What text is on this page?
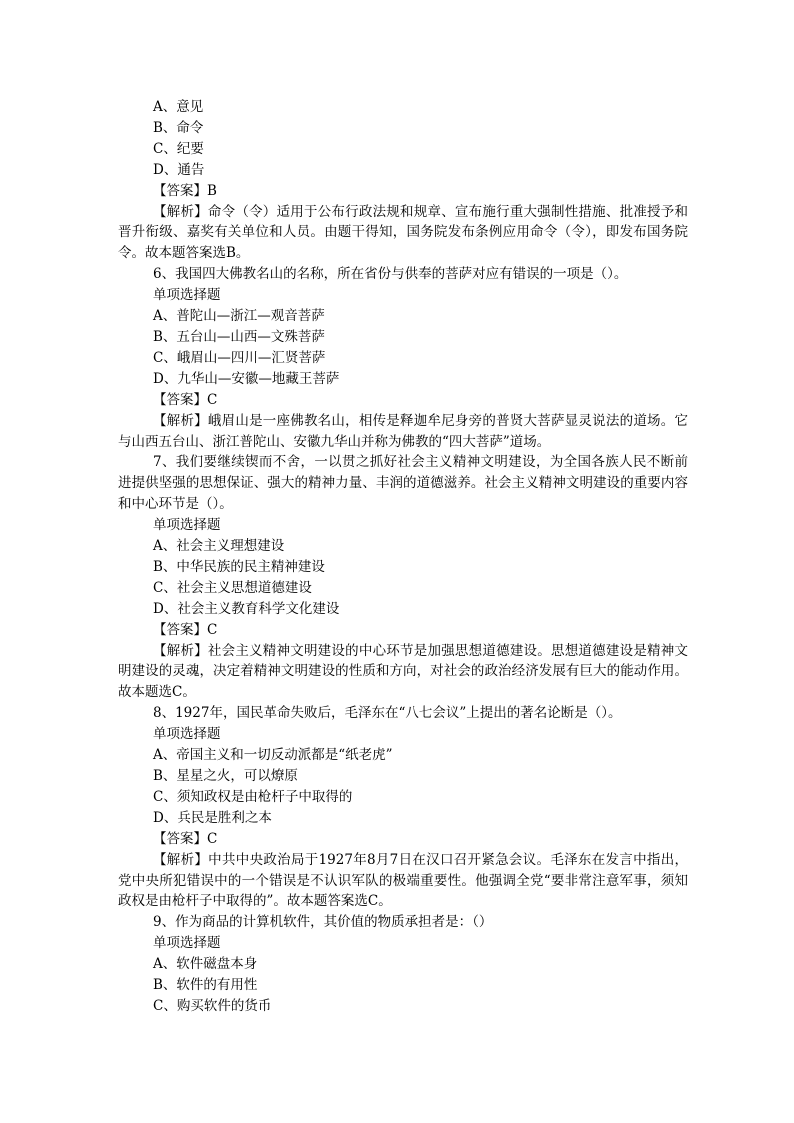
A、意见
B、命令
C、纪要
D、通告
【答案】B
【解析】命令（令）适用于公布行政法规和规章、宣布施行重大强制性措施、批准授予和晋升衔级、嘉奖有关单位和人员。由题干得知，国务院发布条例应用命令（令），即发布国务院令。故本题答案选B。
6、我国四大佛教名山的名称，所在省份与供奉的菩萨对应有错误的一项是（）。
单项选择题
A、普陀山—浙江—观音菩萨
B、五台山—山西—文殊菩萨
C、峨眉山—四川—汇贤菩萨
D、九华山—安徽—地藏王菩萨
【答案】C
【解析】峨眉山是一座佛教名山，相传是释迦牟尼身旁的普贤大菩萨显灵说法的道场。它与山西五台山、浙江普陀山、安徽九华山并称为佛教的“四大菩萨”道场。
7、我们要继续锲而不舍，一以贯之抓好社会主义精神文明建设，为全国各族人民不断前进提供坚强的思想保证、强大的精神力量、丰润的道德滋养。社会主义精神文明建设的重要内容和中心环节是（）。
单项选择题
A、社会主义理想建设
B、中华民族的民主精神建设
C、社会主义思想道德建设
D、社会主义教育科学文化建设
【答案】C
【解析】社会主义精神文明建设的中心环节是加强思想道德建设。思想道德建设是精神文明建设的灵魂，决定着精神文明建设的性质和方向，对社会的政治经济发展有巨大的能动作用。故本题选C。
8、1927年，国民革命失败后，毛泽东在“八七会议”上提出的著名论断是（）。
单项选择题
A、帝国主义和一切反动派都是“纸老虎”
B、星星之火，可以燎原
C、须知政权是由枪杆子中取得的
D、兵民是胜利之本
【答案】C
【解析】中共中央政治局于1927年8月7日在汉口召开紧急会议。毛泽东在发言中指出，党中央所犯错误中的一个错误是不认识军队的极端重要性。他强调全党“要非常注意军事，须知政权是由枪杆子中取得的”。故本题答案选C。
9、作为商品的计算机软件，其价值的物质承担者是：（）
单项选择题
A、软件磁盘本身
B、软件的有用性
C、购买软件的货币
